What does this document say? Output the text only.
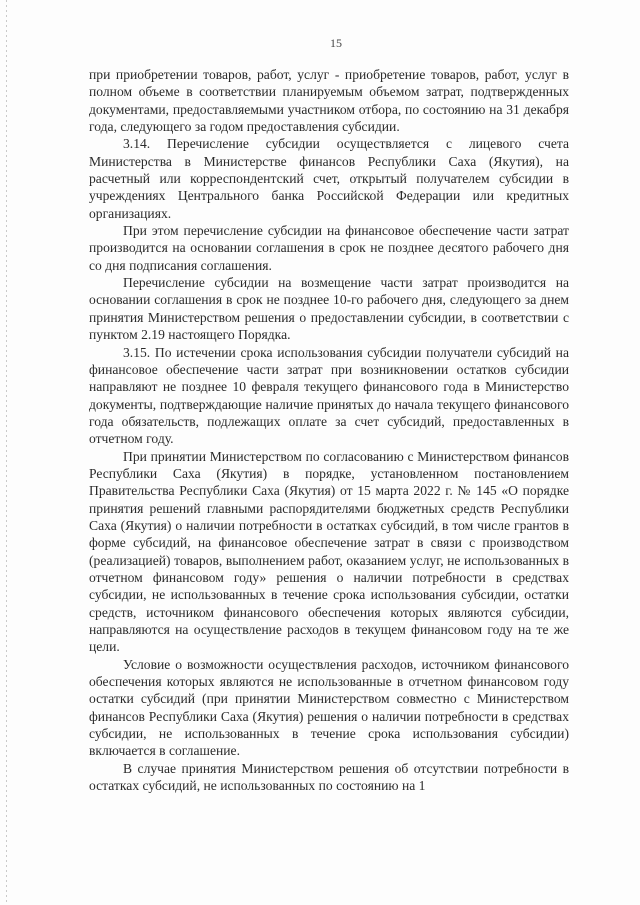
15

при приобретении товаров, работ, услуг - приобретение товаров, работ, услуг в полном объеме в соответствии планируемым объемом затрат, подтвержденных документами, предоставляемыми участником отбора, по состоянию на 31 декабря года, следующего за годом предоставления субсидии.

3.14. Перечисление субсидии осуществляется с лицевого счета Министерства в Министерстве финансов Республики Саха (Якутия), на расчетный или корреспондентский счет, открытый получателем субсидии в учреждениях Центрального банка Российской Федерации или кредитных организациях.

При этом перечисление субсидии на финансовое обеспечение части затрат производится на основании соглашения в срок не позднее десятого рабочего дня со дня подписания соглашения.

Перечисление субсидии на возмещение части затрат производится на основании соглашения в срок не позднее 10-го рабочего дня, следующего за днем принятия Министерством решения о предоставлении субсидии, в соответствии с пунктом 2.19 настоящего Порядка.

3.15. По истечении срока использования субсидии получатели субсидий на финансовое обеспечение части затрат при возникновении остатков субсидии направляют не позднее 10 февраля текущего финансового года в Министерство документы, подтверждающие наличие принятых до начала текущего финансового года обязательств, подлежащих оплате за счет субсидий, предоставленных в отчетном году.

При принятии Министерством по согласованию с Министерством финансов Республики Саха (Якутия) в порядке, установленном постановлением Правительства Республики Саха (Якутия) от 15 марта 2022 г. № 145 «О порядке принятия решений главными распорядителями бюджетных средств Республики Саха (Якутия) о наличии потребности в остатках субсидий, в том числе грантов в форме субсидий, на финансовое обеспечение затрат в связи с производством (реализацией) товаров, выполнением работ, оказанием услуг, не использованных в отчетном финансовом году» решения о наличии потребности в средствах субсидии, не использованных в течение срока использования субсидии, остатки средств, источником финансового обеспечения которых являются субсидии, направляются на осуществление расходов в текущем финансовом году на те же цели.

Условие о возможности осуществления расходов, источником финансового обеспечения которых являются не использованные в отчетном финансовом году остатки субсидий (при принятии Министерством совместно с Министерством финансов Республики Саха (Якутия) решения о наличии потребности в средствах субсидии, не использованных в течение срока использования субсидии) включается в соглашение.

В случае принятия Министерством решения об отсутствии потребности в остатках субсидий, не использованных по состоянию на 1
